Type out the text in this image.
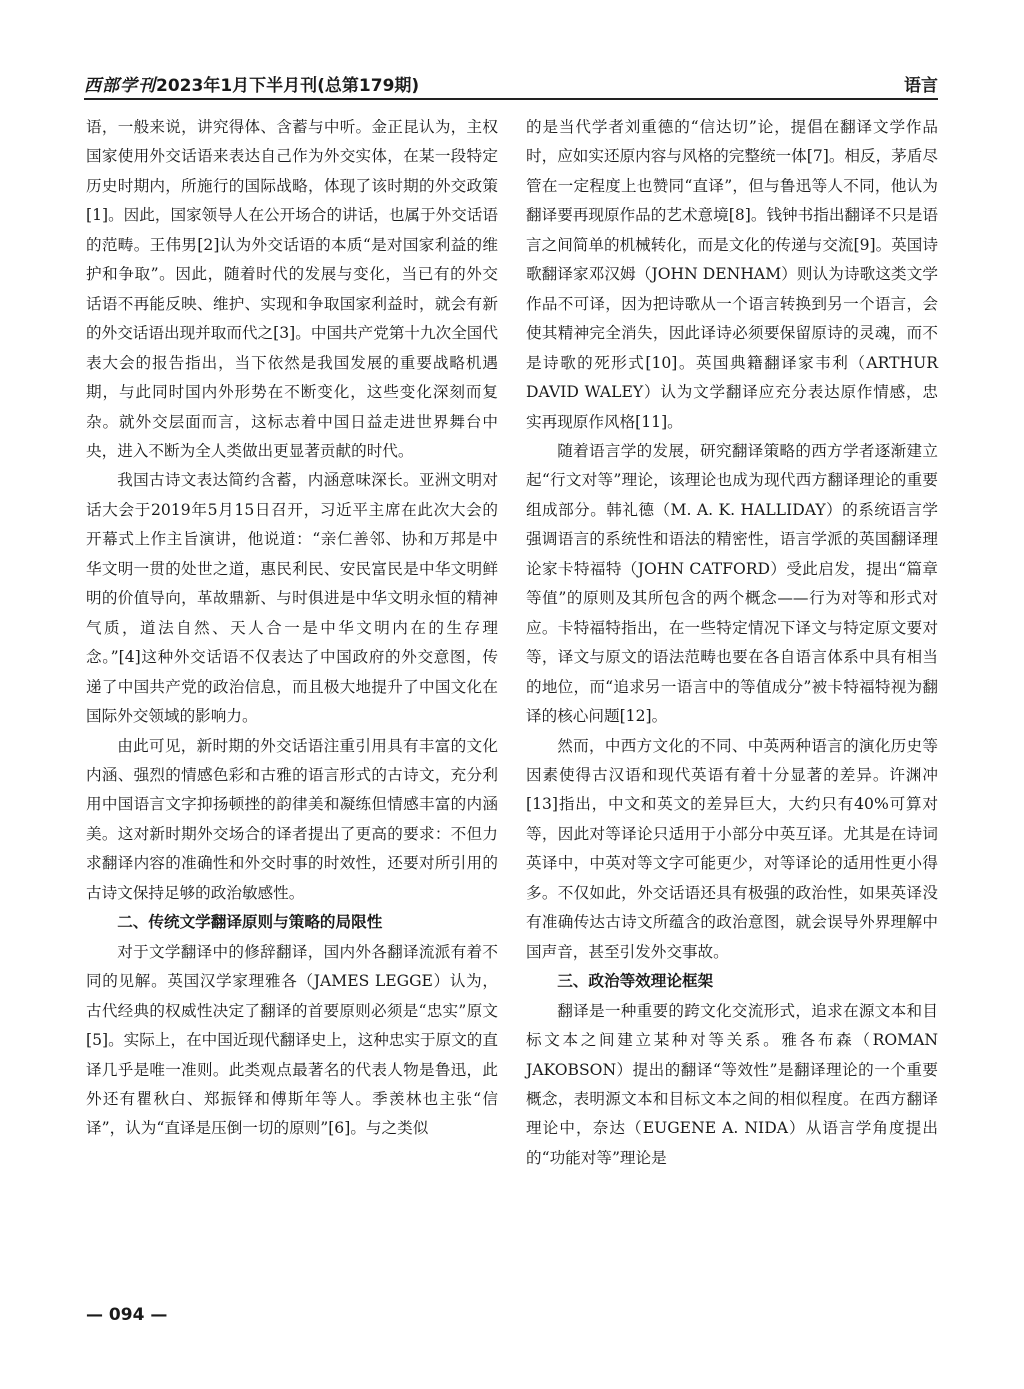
西部学刊 2023年1月下半月刊(总第179期)	语言

语，一般来说，讲究得体、含蓄与中听。金正昆认为，主权国家使用外交话语来表达自己作为外交实体，在某一段特定历史时期内，所施行的国际战略，体现了该时期的外交政策[1]。因此，国家领导人在公开场合的讲话，也属于外交话语的范畴。王伟男[2]认为外交话语的本质“是对国家利益的维护和争取”。因此，随着时代的发展与变化，当已有的外交话语不再能反映、维护、实现和争取国家利益时，就会有新的外交话语出现并取而代之[3]。中国共产党第十九次全国代表大会的报告指出，当下依然是我国发展的重要战略机遇期，与此同时国内外形势在不断变化，这些变化深刻而复杂。就外交层面而言，这标志着中国日益走进世界舞台中央，进入不断为全人类做出更显著贡献的时代。

我国古诗文表达简约含蓄，内涵意味深长。亚洲文明对话大会于2019年5月15日召开，习近平主席在此次大会的开幕式上作主旨演讲，他说道：“亲仁善邻、协和万邦是中华文明一贯的处世之道，惠民利民、安民富民是中华文明鲜明的价值导向，革故鼎新、与时俱进是中华文明永恒的精神气质，道法自然、天人合一是中华文明内在的生存理念。”[4]这种外交话语不仅表达了中国政府的外交意图，传递了中国共产党的政治信息，而且极大地提升了中国文化在国际外交领域的影响力。

由此可见，新时期的外交话语注重引用具有丰富的文化内涵、强烈的情感色彩和古雅的语言形式的古诗文，充分利用中国语言文字抑扬顿挫的韵律美和凝练但情感丰富的内涵美。这对新时期外交场合的译者提出了更高的要求：不但力求翻译内容的准确性和外交时事的时效性，还要对所引用的古诗文保持足够的政治敏感性。

二、传统文学翻译原则与策略的局限性

对于文学翻译中的修辞翻译，国内外各翻译流派有着不同的见解。英国汉学家理雅各（JAMES LEGGE）认为，古代经典的权威性决定了翻译的首要原则必须是“忠实”原文[5]。实际上，在中国近现代翻译史上，这种忠实于原文的直译几乎是唯一准则。此类观点最著名的代表人物是鲁迅，此外还有瞿秋白、郑振铎和傅斯年等人。季羡林也主张“信译”，认为“直译是压倒一切的原则”[6]。与之类似

的是当代学者刘重德的“信达切”论，提倡在翻译文学作品时，应如实还原内容与风格的完整统一体[7]。相反，茅盾尽管在一定程度上也赞同“直译”，但与鲁迅等人不同，他认为翻译要再现原作品的艺术意境[8]。钱钟书指出翻译不只是语言之间简单的机械转化，而是文化的传递与交流[9]。英国诗歌翻译家邓汉姆（JOHN DENHAM）则认为诗歌这类文学作品不可译，因为把诗歌从一个语言转换到另一个语言，会使其精神完全消失，因此译诗必须要保留原诗的灵魂，而不是诗歌的死形式[10]。英国典籍翻译家韦利（ARTHUR DAVID WALEY）认为文学翻译应充分表达原作情感，忠实再现原作风格[11]。

随着语言学的发展，研究翻译策略的西方学者逐渐建立起“行文对等”理论，该理论也成为现代西方翻译理论的重要组成部分。韩礼德（M. A. K. HALLIDAY）的系统语言学强调语言的系统性和语法的精密性，语言学派的英国翻译理论家卡特福特（JOHN CATFORD）受此启发，提出“篇章等值”的原则及其所包含的两个概念——行为对等和形式对应。卡特福特指出，在一些特定情况下译文与特定原文要对等，译文与原文的语法范畴也要在各自语言体系中具有相当的地位，而“追求另一语言中的等值成分”被卡特福特视为翻译的核心问题[12]。

然而，中西方文化的不同、中英两种语言的演化历史等因素使得古汉语和现代英语有着十分显著的差异。许渊冲[13]指出，中文和英文的差异巨大，大约只有40%可算对等，因此对等译论只适用于小部分中英互译。尤其是在诗词英译中，中英对等文字可能更少，对等译论的适用性更小得多。不仅如此，外交话语还具有极强的政治性，如果英译没有准确传达古诗文所蕴含的政治意图，就会误导外界理解中国声音，甚至引发外交事故。

三、政治等效理论框架

翻译是一种重要的跨文化交流形式，追求在源文本和目标文本之间建立某种对等关系。雅各布森（ROMAN JAKOBSON）提出的翻译“等效性”是翻译理论的一个重要概念，表明源文本和目标文本之间的相似程度。在西方翻译理论中，奈达（EUGENE A. NIDA）从语言学角度提出的“功能对等”理论是

— 094 —
